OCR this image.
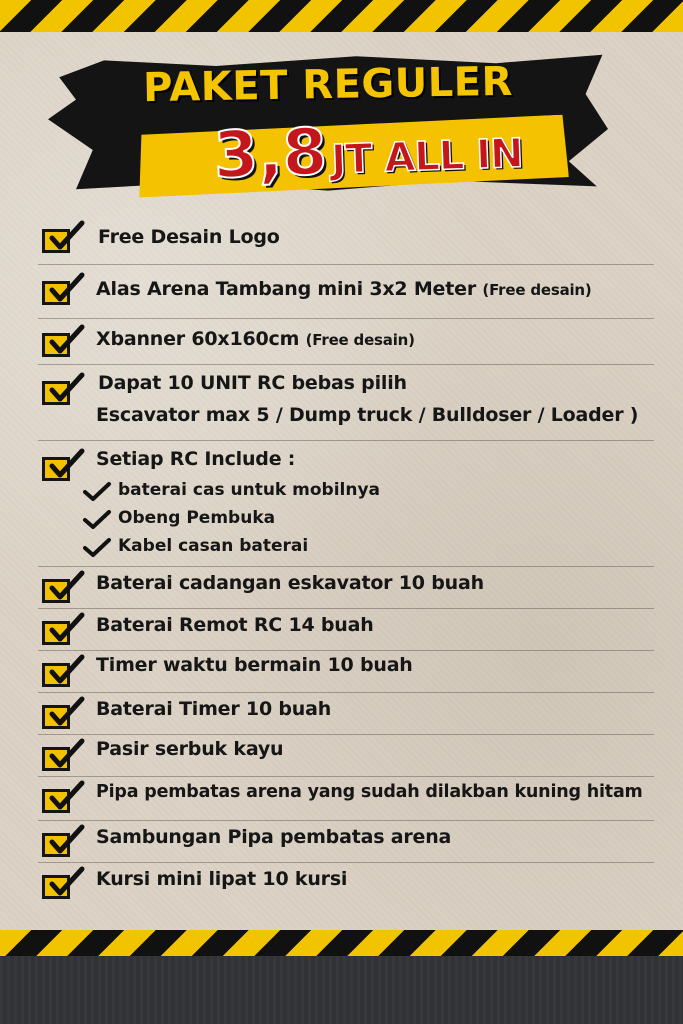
PAKET REGULER
3,8 JT ALL IN
Free Desain Logo
Alas Arena Tambang mini 3x2 Meter (Free desain)
Xbanner 60x160cm (Free desain)
Dapat 10 UNIT RC bebas pilih
Escavator max 5 / Dump truck / Bulldoser / Loader )
Setiap RC Include :
baterai cas untuk mobilnya
Obeng Pembuka
Kabel casan baterai
Baterai cadangan eskavator 10 buah
Baterai Remot RC 14 buah
Timer waktu bermain 10 buah
Baterai Timer 10 buah
Pasir serbuk kayu
Pipa pembatas arena yang sudah dilakban kuning hitam
Sambungan Pipa pembatas arena
Kursi mini lipat 10 kursi
